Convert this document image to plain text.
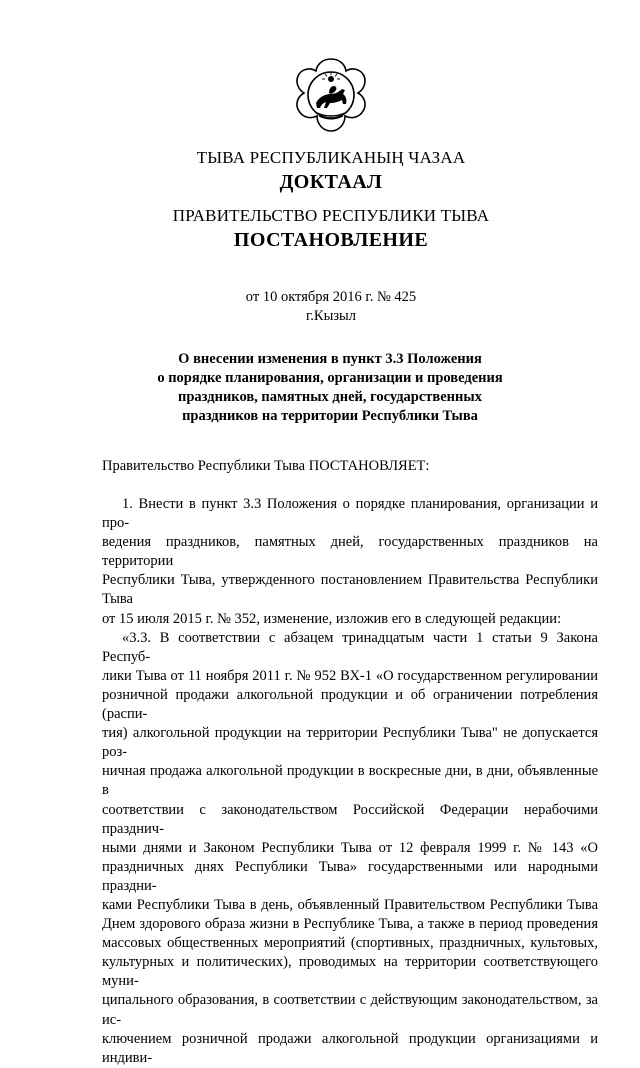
ТЫВА РЕСПУБЛИКАНЫҢ ЧАЗАА
ДОКТААЛ
ПРАВИТЕЛЬСТВО РЕСПУБЛИКИ ТЫВА
ПОСТАНОВЛЕНИЕ
от 10 октября 2016 г. № 425
г.Кызыл
О внесении изменения в пункт 3.3 Положения
о порядке планирования, организации и проведения
праздников, памятных дней, государственных
праздников на территории Республики Тыва
Правительство Республики Тыва ПОСТАНОВЛЯЕТ:

1. Внести в пункт 3.3 Положения о порядке планирования, организации и про-

ведения праздников, памятных дней, государственных праздников на территории

Республики Тыва, утвержденного постановлением Правительства Республики Тыва

от 15 июля 2015 г. № 352, изменение, изложив его в следующей редакции:

«3.3. В соответствии с абзацем тринадцатым части 1 статьи 9 Закона Респуб-

лики Тыва от 11 ноября 2011 г. № 952 ВХ-1 «О государственном регулировании

розничной продажи алкогольной продукции и об ограничении потребления (распи-

тия) алкогольной продукции на территории Республики Тыва" не допускается роз-

ничная продажа алкогольной продукции в воскресные дни, в дни, объявленные в

соответствии с законодательством Российской Федерации нерабочими празднич-

ными днями и Законом Республики Тыва от 12 февраля 1999 г. № 143 «О

праздничных днях Республики Тыва» государственными или народными праздни-

ками Республики Тыва в день, объявленный Правительством Республики Тыва

Днем здорового образа жизни в Республике Тыва, а также в период проведения

массовых общественных мероприятий (спортивных, праздничных, культовых,

культурных и политических), проводимых на территории соответствующего муни-

ципального образования, в соответствии с действующим законодательством, за ис-

ключением розничной продажи алкогольной продукции организациями и индиви-
